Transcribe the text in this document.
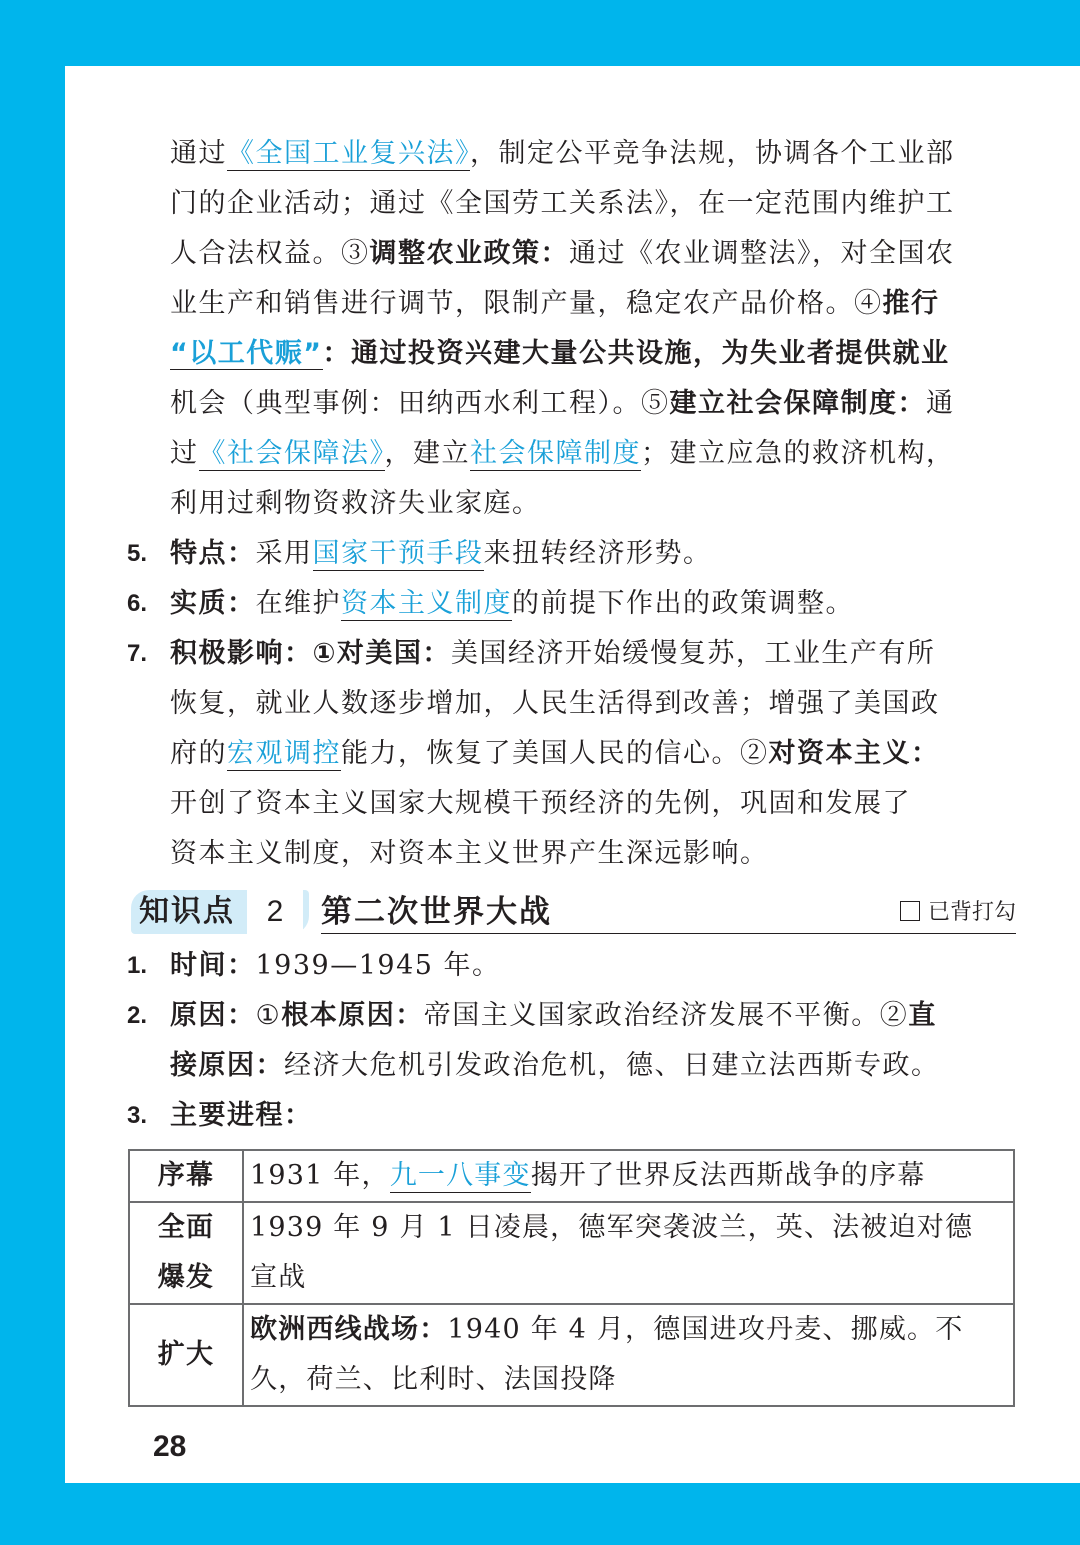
通过《全国工业复兴法》，制定公平竞争法规，协调各个工业部
门的企业活动；通过《全国劳工关系法》，在一定范围内维护工
人合法权益。③调整农业政策：通过《农业调整法》，对全国农
业生产和销售进行调节，限制产量，稳定农产品价格。④推行
“以工代赈”：通过投资兴建大量公共设施，为失业者提供就业
机会（典型事例：田纳西水利工程）。⑤建立社会保障制度：通
过《社会保障法》，建立社会保障制度；建立应急的救济机构，
利用过剩物资救济失业家庭。
5. 特点：采用国家干预手段来扭转经济形势。
6. 实质：在维护资本主义制度的前提下作出的政策调整。
7. 积极影响：①对美国：美国经济开始缓慢复苏，工业生产有所
恢复，就业人数逐步增加，人民生活得到改善；增强了美国政
府的宏观调控能力，恢复了美国人民的信心。②对资本主义：
开创了资本主义国家大规模干预经济的先例，巩固和发展了
资本主义制度，对资本主义世界产生深远影响。
知识点	2	第二次世界大战	已背打勾
1. 时间：1939—1945 年。
2. 原因：①根本原因：帝国主义国家政治经济发展不平衡。②直
接原因：经济大危机引发政治危机，德、日建立法西斯专政。
3. 主要进程：
序幕	1931 年，九一八事变揭开了世界反法西斯战争的序幕
全面
爆发	1939 年 9 月 1 日凌晨，德军突袭波兰，英、法被迫对德
宣战
扩大	欧洲西线战场：1940 年 4 月，德国进攻丹麦、挪威。不
久，荷兰、比利时、法国投降
28
